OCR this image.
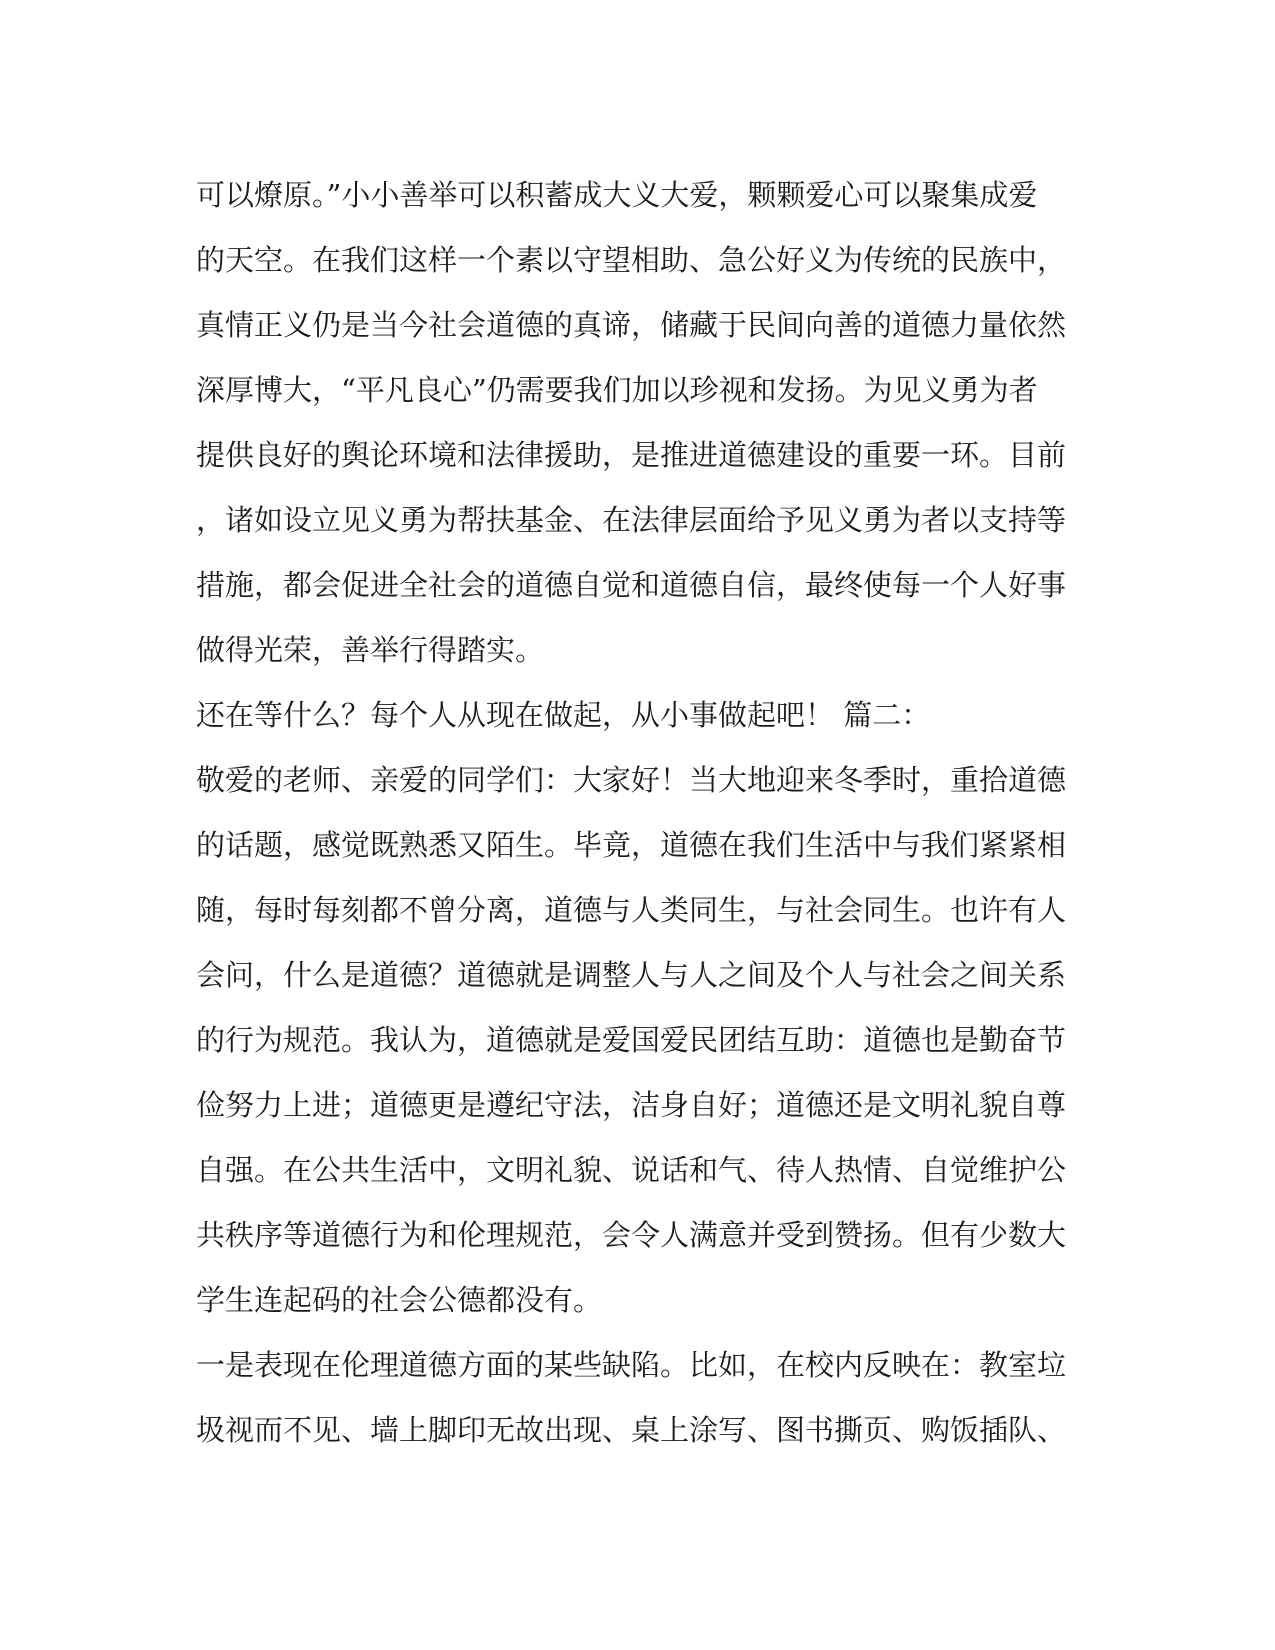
可以燎原。”小小善举可以积蓄成大义大爱，颗颗爱心可以聚集成爱
的天空。在我们这样一个素以守望相助、急公好义为传统的民族中，
真情正义仍是当今社会道德的真谛，储藏于民间向善的道德力量依然
深厚博大，“平凡良心”仍需要我们加以珍视和发扬。为见义勇为者
提供良好的舆论环境和法律援助，是推进道德建设的重要一环。目前
，诸如设立见义勇为帮扶基金、在法律层面给予见义勇为者以支持等
措施，都会促进全社会的道德自觉和道德自信，最终使每一个人好事
做得光荣，善举行得踏实。
还在等什么？每个人从现在做起，从小事做起吧！ 篇二：
敬爱的老师、亲爱的同学们：大家好！当大地迎来冬季时，重拾道德
的话题，感觉既熟悉又陌生。毕竟，道德在我们生活中与我们紧紧相
随，每时每刻都不曾分离，道德与人类同生，与社会同生。也许有人
会问，什么是道德？道德就是调整人与人之间及个人与社会之间关系
的行为规范。我认为，道德就是爱国爱民团结互助：道德也是勤奋节
俭努力上进；道德更是遵纪守法，洁身自好；道德还是文明礼貌自尊
自强。在公共生活中，文明礼貌、说话和气、待人热情、自觉维护公
共秩序等道德行为和伦理规范，会令人满意并受到赞扬。但有少数大
学生连起码的社会公德都没有。
一是表现在伦理道德方面的某些缺陷。比如，在校内反映在：教室垃
圾视而不见、墙上脚印无故出现、桌上涂写、图书撕页、购饭插队、
